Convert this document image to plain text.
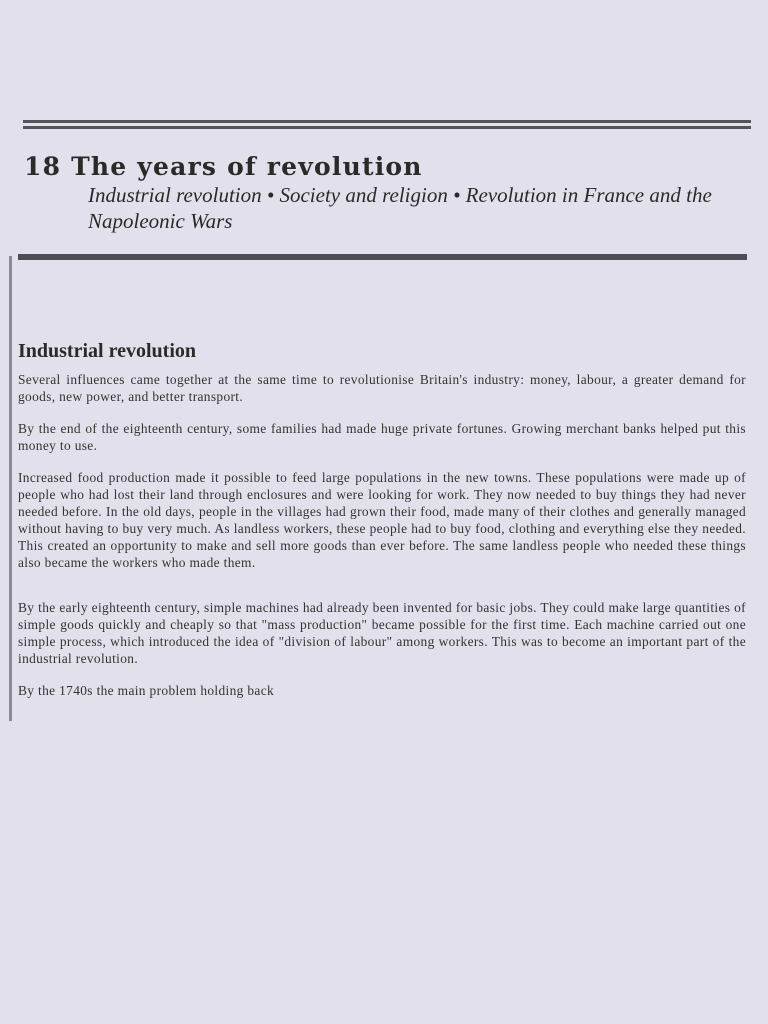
18 The years of revolution

Industrial revolution • Society and religion • Revolution in France and the Napoleonic Wars

Industrial revolution

Several influences came together at the same time to revolutionise Britain's industry: money, labour, a greater demand for goods, new power, and better transport.

By the end of the eighteenth century, some families had made huge private fortunes. Growing merchant banks helped put this money to use.

Increased food production made it possible to feed large populations in the new towns. These populations were made up of people who had lost their land through enclosures and were looking for work. They now needed to buy things they had never needed before. In the old days, people in the villages had grown their food, made many of their clothes and generally managed without having to buy very much. As landless workers, these people had to buy food, clothing and everything else they needed. This created an opportunity to make and sell more goods than ever before. The same landless people who needed these things also became the workers who made them.

By the early eighteenth century, simple machines had already been invented for basic jobs. They could make large quantities of simple goods quickly and cheaply so that "mass production" became possible for the first time. Each machine carried out one simple process, which introduced the idea of "division of labour" among workers. This was to become an important part of the industrial revolution.

By the 1740s the main problem holding back
